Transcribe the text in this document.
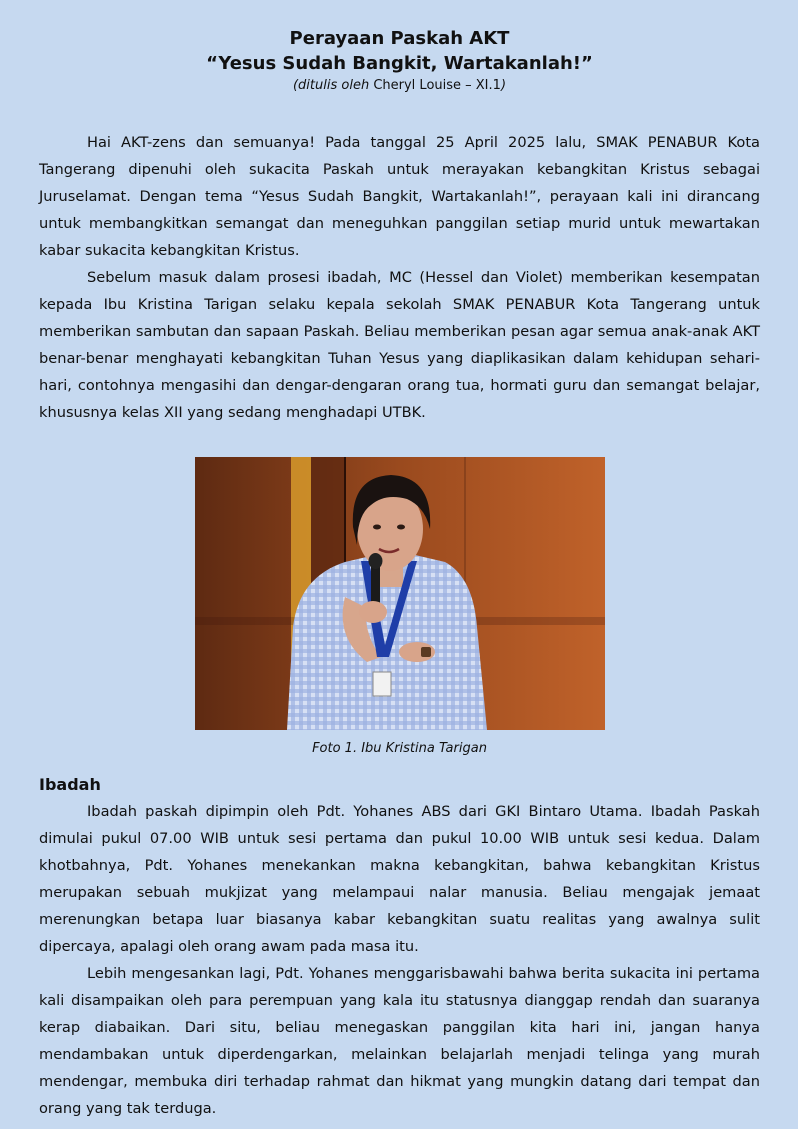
Perayaan Paskah AKT
“Yesus Sudah Bangkit, Wartakanlah!”
(ditulis oleh Cheryl Louise – XI.1)

Hai AKT-zens dan semuanya! Pada tanggal 25 April 2025 lalu, SMAK PENABUR Kota Tangerang dipenuhi oleh sukacita Paskah untuk merayakan kebangkitan Kristus sebagai Juruselamat. Dengan tema “Yesus Sudah Bangkit, Wartakanlah!”, perayaan kali ini dirancang untuk membangkitkan semangat dan meneguhkan panggilan setiap murid untuk mewartakan kabar sukacita kebangkitan Kristus.

Sebelum masuk dalam prosesi ibadah, MC (Hessel dan Violet) memberikan kesempatan kepada Ibu Kristina Tarigan selaku kepala sekolah SMAK PENABUR Kota Tangerang untuk memberikan sambutan dan sapaan Paskah. Beliau memberikan pesan agar semua anak-anak AKT benar-benar menghayati kebangkitan Tuhan Yesus yang diaplikasikan dalam kehidupan sehari-hari, contohnya mengasihi dan dengar-dengaran orang tua, hormati guru dan semangat belajar, khususnya kelas XII yang sedang menghadapi UTBK.

Foto 1. Ibu Kristina Tarigan
Ibadah

Ibadah paskah dipimpin oleh Pdt. Yohanes ABS dari GKI Bintaro Utama. Ibadah Paskah dimulai pukul 07.00 WIB untuk sesi pertama dan pukul 10.00 WIB untuk sesi kedua. Dalam khotbahnya, Pdt. Yohanes menekankan makna kebangkitan, bahwa kebangkitan Kristus merupakan sebuah mukjizat yang melampaui nalar manusia. Beliau mengajak jemaat merenungkan betapa luar biasanya kabar kebangkitan suatu realitas yang awalnya sulit dipercaya, apalagi oleh orang awam pada masa itu.

Lebih mengesankan lagi, Pdt. Yohanes menggarisbawahi bahwa berita sukacita ini pertama kali disampaikan oleh para perempuan yang kala itu statusnya dianggap rendah dan suaranya kerap diabaikan. Dari situ, beliau menegaskan panggilan kita hari ini, jangan hanya mendambakan untuk diperdengarkan, melainkan belajarlah menjadi telinga yang murah mendengar, membuka diri terhadap rahmat dan hikmat yang mungkin datang dari tempat dan orang yang tak terduga.
